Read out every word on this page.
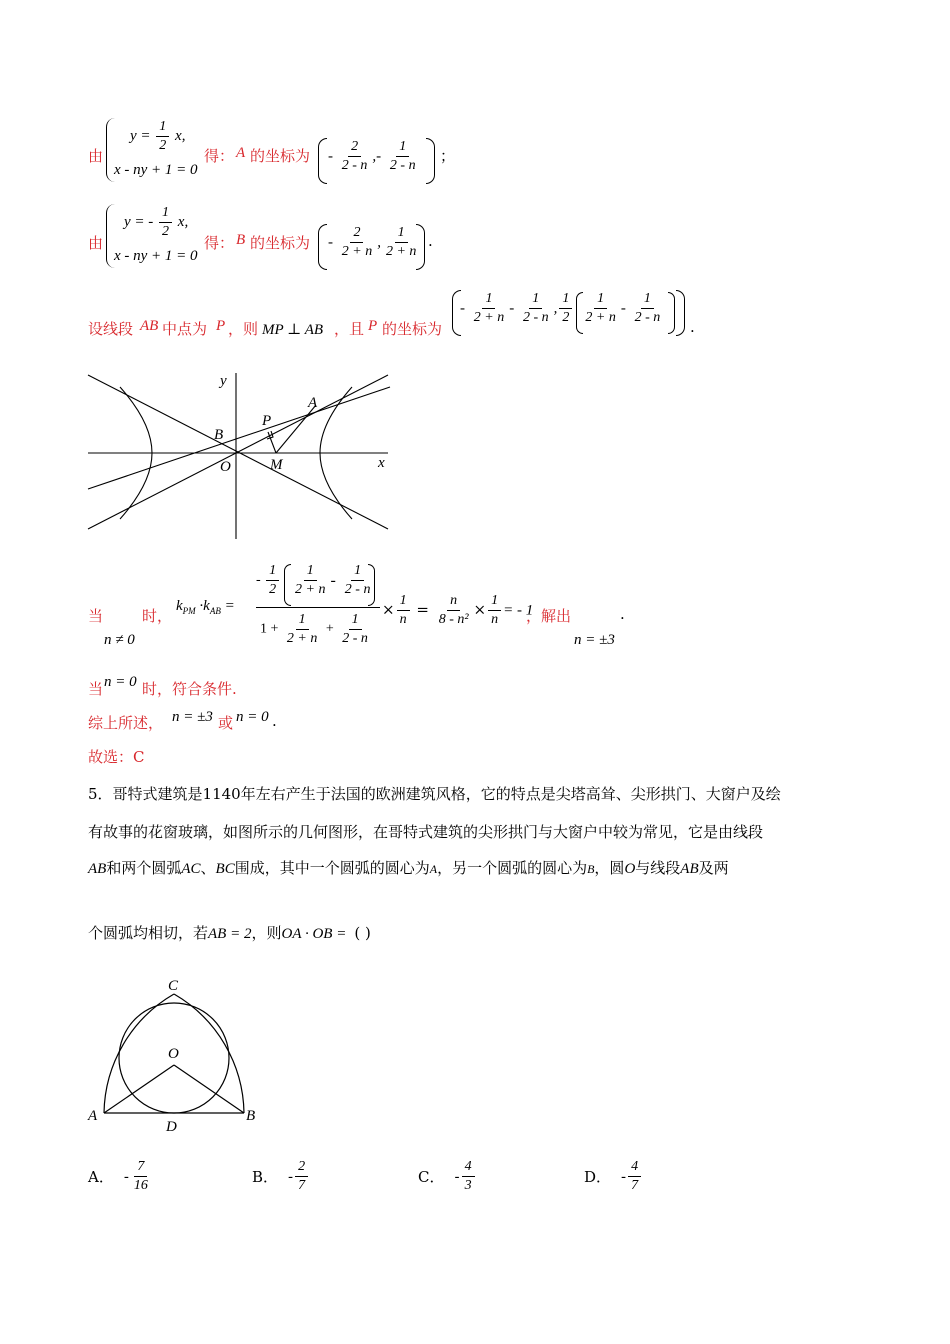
由
$y = \frac{1}{2} x$,
x - ny + 1 = 0
得： A 的坐标为 - $\frac{2}{2 - n}$ ,- $\frac{1}{2 - n}$ ；
由
y = - $\frac{1}{2} x$,
x - ny + 1 = 0
得： B 的坐标为 - $\frac{2}{2 + n}$ , $\frac{1}{2 + n}$ .
设线段 AB 中点为 P ，则 MP ⊥ AB ，且 P 的坐标为
- $\frac{1}{2 + n} - \frac{1}{2 - n}$ , $\frac{1}{2} \frac{1}{2 + n} - \frac{1}{2 - n}$ .
y
x
O
A
B
P
M
当
n ≠ 0
时，
$k_{PM} \cdot k_{AB}$ =
- $\frac{1}{2} \frac{1}{2 + n} - \frac{1}{2 - n}$
$1 + \frac{1}{2 + n} + \frac{1}{2 - n}$
× $\frac{1}{n} = \frac{n}{\text{8 - n²}} \times \frac{1}{n}$ = - 1
，解出
n = ±3
.
当 n = 0 时，符合条件.
综上所述， n = ±3 或 n = 0 .
故选：C
5．哥特式建筑是1140年左右产生于法国的欧洲建筑风格，它的特点是尖塔高耸、尖形拱门、大窗户及绘
有故事的花窗玻璃，如图所示的几何图形，在哥特式建筑的尖形拱门与大窗户中较为常见，它是由线段
AB和两个圆弧AC、BC围成，其中一个圆弧的圆心为A，另一个圆弧的圆心为B，圆O与线段AB及两
个圆弧均相切，若AB = 2，则OA · OB = ( )
C
O
A	B
D
A． - $\frac{7}{16}$	B． - $\frac{2}{7}$	C． - $\frac{4}{3}$	D． - $\frac{4}{7}$
